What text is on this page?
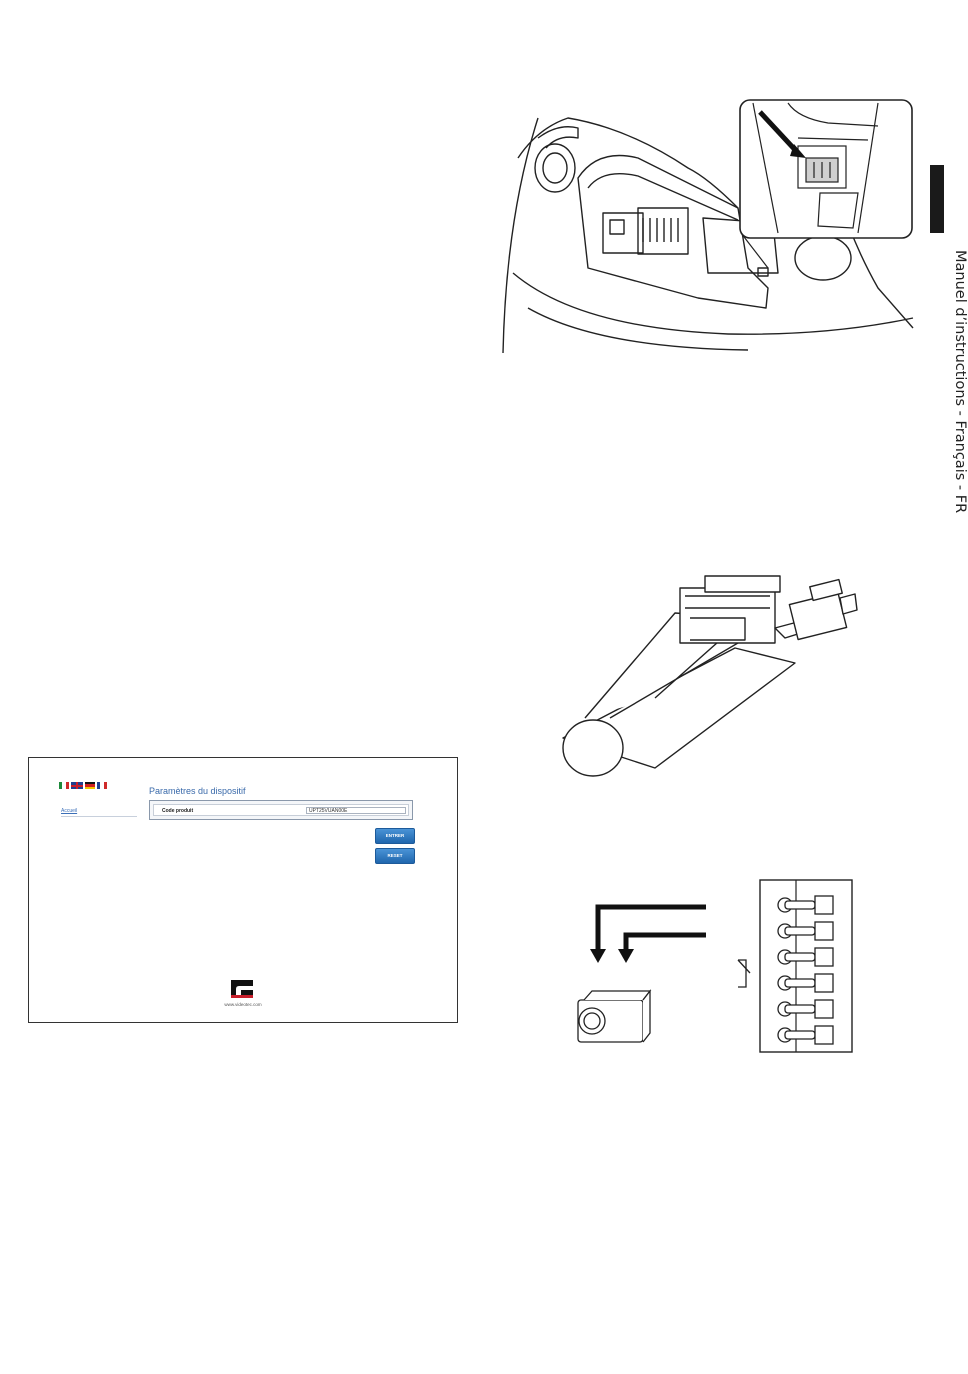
Manuel d’instructions - Français - FR
Accueil
Paramètres du dispositif
Code produit	UPT25VUAN00E
ENTRER
RESET
www.videotec.com
